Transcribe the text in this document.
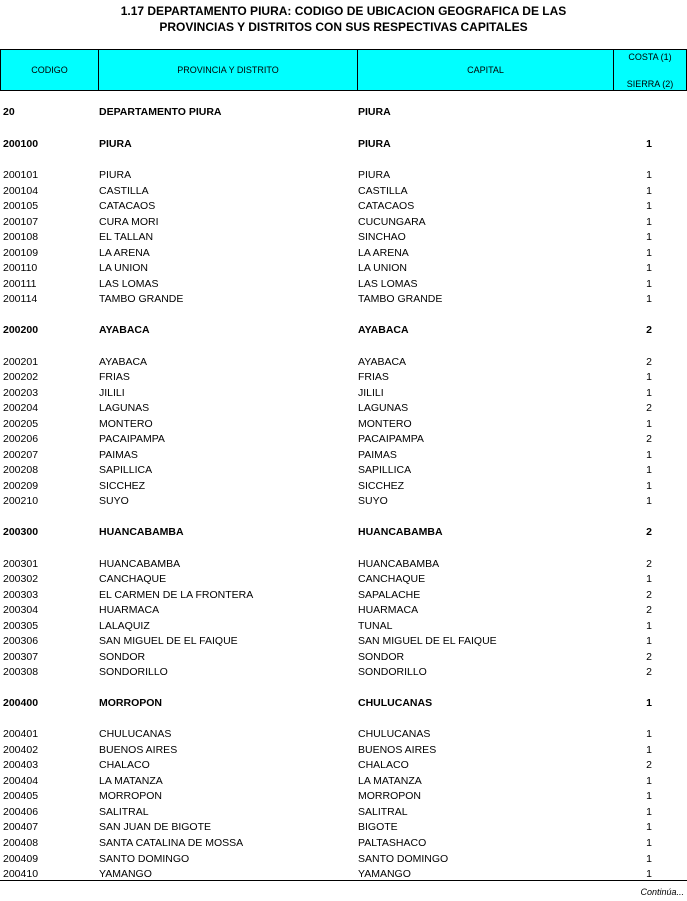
1.17 DEPARTAMENTO PIURA: CODIGO DE UBICACION GEOGRAFICA DE LAS
PROVINCIAS Y DISTRITOS CON SUS RESPECTIVAS CAPITALES
CODIGO	PROVINCIA Y DISTRITO	CAPITAL
COSTA (1)
SIERRA (2)
20	DEPARTAMENTO PIURA	PIURA
200100	PIURA	PIURA	1
200101	PIURA	PIURA	1
200104	CASTILLA	CASTILLA	1
200105	CATACAOS	CATACAOS	1
200107	CURA MORI	CUCUNGARA	1
200108	EL TALLAN	SINCHAO	1
200109	LA ARENA	LA ARENA	1
200110	LA UNION	LA UNION	1
200111	LAS LOMAS	LAS LOMAS	1
200114	TAMBO GRANDE	TAMBO GRANDE	1
200200	AYABACA	AYABACA	2
200201	AYABACA	AYABACA	2
200202	FRIAS	FRIAS	1
200203	JILILI	JILILI	1
200204	LAGUNAS	LAGUNAS	2
200205	MONTERO	MONTERO	1
200206	PACAIPAMPA	PACAIPAMPA	2
200207	PAIMAS	PAIMAS	1
200208	SAPILLICA	SAPILLICA	1
200209	SICCHEZ	SICCHEZ	1
200210	SUYO	SUYO	1
200300	HUANCABAMBA	HUANCABAMBA	2
200301	HUANCABAMBA	HUANCABAMBA	2
200302	CANCHAQUE	CANCHAQUE	1
200303	EL CARMEN DE LA FRONTERA	SAPALACHE	2
200304	HUARMACA	HUARMACA	2
200305	LALAQUIZ	TUNAL	1
200306	SAN MIGUEL DE EL FAIQUE	SAN MIGUEL DE EL FAIQUE	1
200307	SONDOR	SONDOR	2
200308	SONDORILLO	SONDORILLO	2
200400	MORROPON	CHULUCANAS	1
200401	CHULUCANAS	CHULUCANAS	1
200402	BUENOS AIRES	BUENOS AIRES	1
200403	CHALACO	CHALACO	2
200404	LA MATANZA	LA MATANZA	1
200405	MORROPON	MORROPON	1
200406	SALITRAL	SALITRAL	1
200407	SAN JUAN DE BIGOTE	BIGOTE	1
200408	SANTA CATALINA DE MOSSA	PALTASHACO	1
200409	SANTO DOMINGO	SANTO DOMINGO	1
200410	YAMANGO	YAMANGO	1
Continúa...
